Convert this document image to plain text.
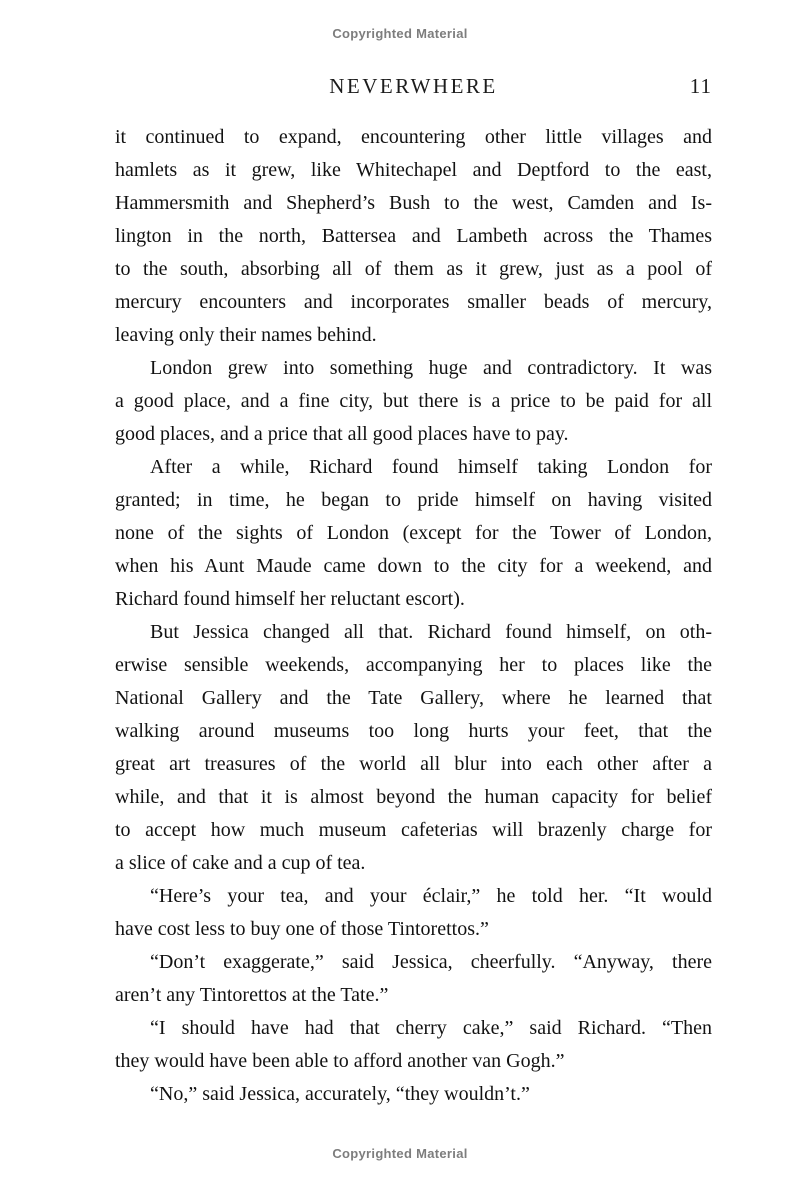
Copyrighted Material
NEVERWHERE	11
it continued to expand, encountering other little villages and
hamlets as it grew, like Whitechapel and Deptford to the east,
Hammersmith and Shepherd’s Bush to the west, Camden and Is-
lington in the north, Battersea and Lambeth across the Thames
to the south, absorbing all of them as it grew, just as a pool of
mercury encounters and incorporates smaller beads of mercury,
leaving only their names behind.
London grew into something huge and contradictory. It was
a good place, and a fine city, but there is a price to be paid for all
good places, and a price that all good places have to pay.
After a while, Richard found himself taking London for
granted; in time, he began to pride himself on having visited
none of the sights of London (except for the Tower of London,
when his Aunt Maude came down to the city for a weekend, and
Richard found himself her reluctant escort).
But Jessica changed all that. Richard found himself, on oth-
erwise sensible weekends, accompanying her to places like the
National Gallery and the Tate Gallery, where he learned that
walking around museums too long hurts your feet, that the
great art treasures of the world all blur into each other after a
while, and that it is almost beyond the human capacity for belief
to accept how much museum cafeterias will brazenly charge for
a slice of cake and a cup of tea.
“Here’s your tea, and your éclair,” he told her. “It would
have cost less to buy one of those Tintorettos.”
“Don’t exaggerate,” said Jessica, cheerfully. “Anyway, there
aren’t any Tintorettos at the Tate.”
“I should have had that cherry cake,” said Richard. “Then
they would have been able to afford another van Gogh.”
“No,” said Jessica, accurately, “they wouldn’t.”
Copyrighted Material
